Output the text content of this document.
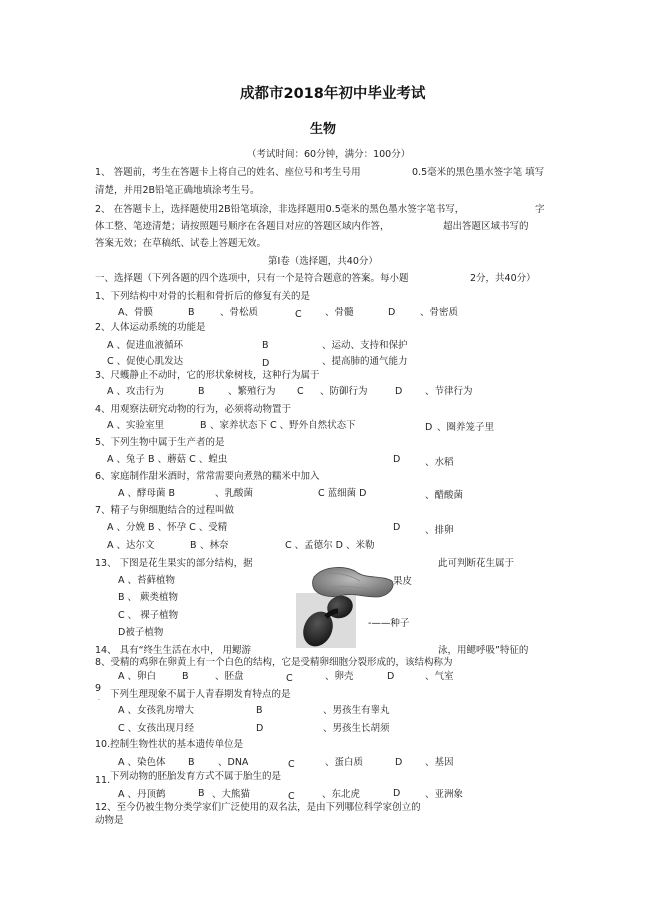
成都市2018年初中毕业考试
生物
（考试时间：60分钟，满分：100分）
1、 答题前，考生在答题卡上将自己的姓名、座位号和考生号用	0.5毫米的黑色墨水签字笔 填写
清楚，并用2B铅笔正确地填涂考生号。
2、 在答题卡上，选择题使用2B铅笔填涂，非选择题用0.5毫米的黑色墨水签字笔书写，	字
体工整、笔迹清楚；请按照题号顺序在各题目对应的答题区域内作答，	超出答题区域书写的
答案无效；在草稿纸、试卷上答题无效。
第Ⅰ卷（选择题，共40分）
一、选择题（下列各题的四个选项中，只有一个是符合题意的答案。每小题	2分，共40分）
1、下列结构中对骨的长粗和骨折后的修复有关的是
A、骨膜	B	、骨松质	C 、骨髓	D	、骨密质
2、人体运动系统的功能是
A 、促进血液循环	B	、运动、支持和保护
C 、促使心肌发达	D	、提高肺的通气能力
3、尺蠖静止不动时，它的形状象树枝，这种行为属于
A 、攻击行为	B 、繁殖行为 C 、防御行为	D 、节律行为
4、用观察法研究动物的行为，必须将动物置于
A 、实验室里	B 、家养状态下 C 、野外自然状态下	D 、圈养笼子里
5、下列生物中属于生产者的是
A 、兔子 B 、蘑菇 C 、蝗虫	D	、水稻
6、家庭制作甜米酒时，常常需要向煮熟的糯米中加入
A 、酵母菌 B	、乳酸菌	C 蓝细菌 D	、醋酸菌
7、精子与卵细胞结合的过程叫做
A 、分娩 B 、怀孕 C 、受精	D	、排卵
A 、达尔文	B 、林奈	C 、孟德尔 D 、米勒
13、 下图是花生果实的部分结构，据	此可判断花生属于
A 、苔藓植物
B 、 蕨类植物
C 、 裸子植物
D被子植物
果皮
-——种子
14、 具有“终生生活在水中， 用鳃游	泳，用鳃呼吸”特征的
8、受精的鸡卵在卵黄上有一个白色的结构，它是受精卵细胞分裂形成的，该结构称为
A 、卵白	B	、胚盘	C	、卵壳	D	、气室
9
. 下列生理现象不属于人青春期发育特点的是
A 、女孩乳房增大	B	、男孩生有睾丸
C 、女孩出现月经	D	、男孩生长胡须
10.控制生物性状的基本遗传单位是
A 、染色体 B 、DNA	C	、蛋白质	D 、基因
11. 下列动物的胚胎发育方式不属于胎生的是
A 、丹顶鹤	B 、大熊猫	C	、东北虎	D	、亚洲象
12、至今仍被生物分类学家们广泛使用的双名法，是由下列哪位科学家创立的
动物是
